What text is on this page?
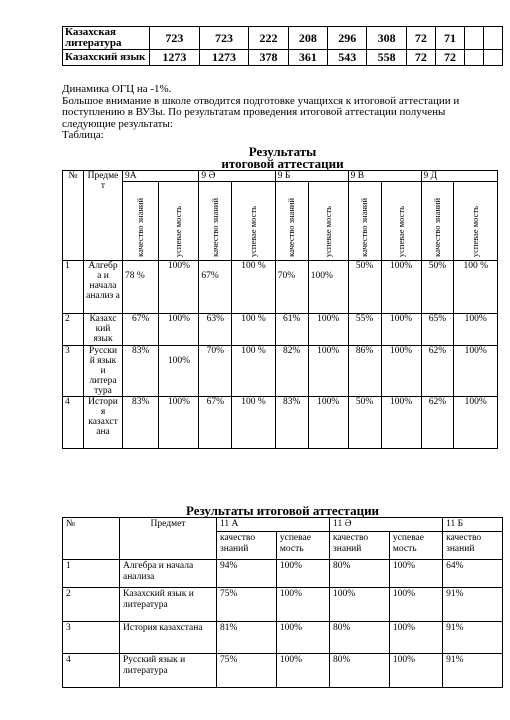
Казахская
литература	723	723	222	208	296	308	72	71		
Казахский язык	1273	1273	378	361	543	558	72	72		
Динамика ОГЦ на -1%.
Большое внимание в школе отводится подготовке учащихся к итоговой аттестации и
поступлению в ВУЗы. По результатам проведения итоговой аттестации получены
следующие результаты:
Таблица:
Результаты
итоговой аттестации
№	Предме т	9А		9 Ә		9 Б		9 В		9 Д	
		качество знаний	успевае мость	качество знаний	успевае мость	качество знаний	успевае мость	качество знаний	успевае мость	качество знаний	успевае мость
1	Алгебр а и начала анализ а	78 %	100%	67%	100 %	70%	100%	50%	100%	50%	100 %
2	Казахс кий язык	67%	100%	63%	100 %	61%	100%	55%	100%	65%	100%
3	Русски й язык и литера тура	83%	100%	70%	100 %	82%	100%	86%	100%	62%	100%
4	Истори я казахст ана	83%	100%	67%	100 %	83%	100%	50%	100%	62%	100%
Результаты итоговой аттестации
№	Предмет	11 А		11 Ә		11 Б
		качество знаний	успевае мость	качество знаний	успевае мость	качество знаний
1	Алгебра и начала анализа	94%	100%	80%	100%	64%
2	Казахский язык и литература	75%	100%	100%	100%	91%
3	История казахстана	81%	100%	80%	100%	91%
4	Русский язык и литература	75%	100%	80%	100%	91%
